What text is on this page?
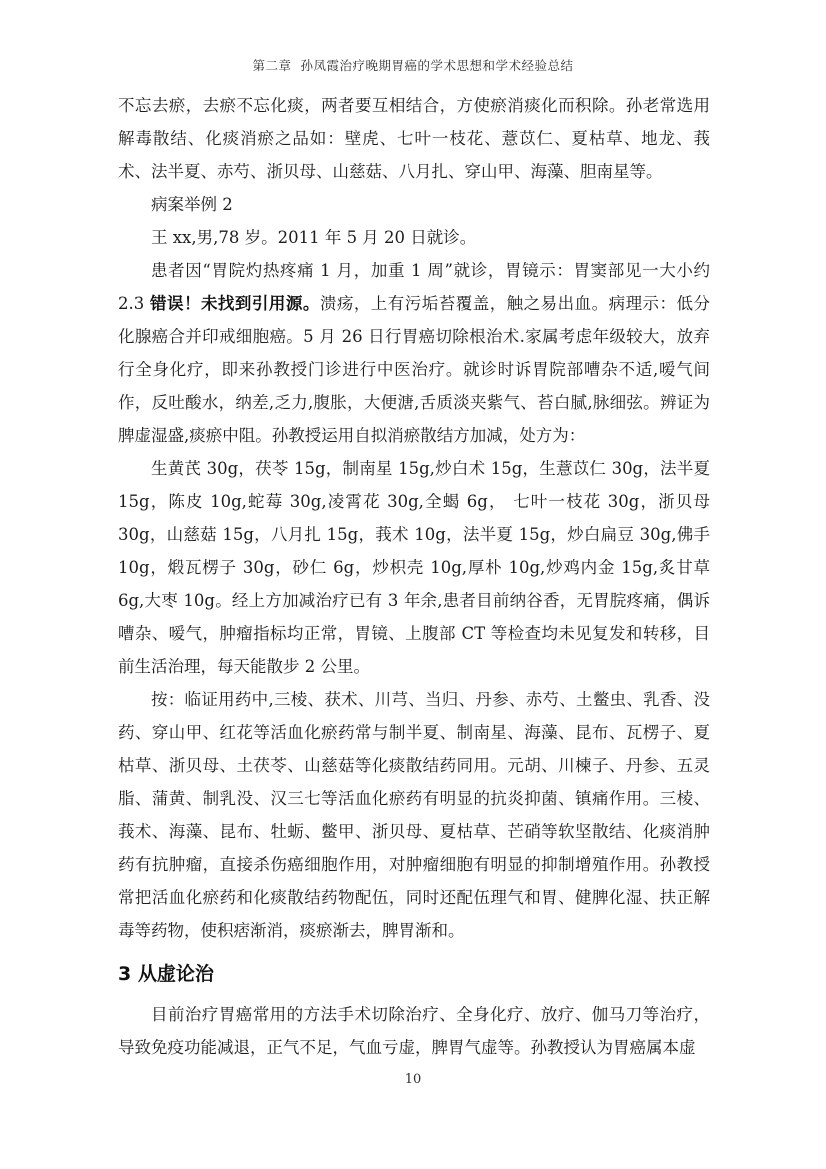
第二章  孙凤霞治疗晚期胃癌的学术思想和学术经验总结

不忘去瘀，去瘀不忘化痰，两者要互相结合，方使瘀消痰化而积除。孙老常选用解毒散结、化痰消瘀之品如：壁虎、七叶一枝花、薏苡仁、夏枯草、地龙、莪术、法半夏、赤芍、浙贝母、山慈菇、八月扎、穿山甲、海藻、胆南星等。

病案举例 2

王 xx,男,78 岁。2011 年 5 月 20 日就诊。

患者因“胃院灼热疼痛 1 月，加重 1 周”就诊，胃镜示：胃窦部见一大小约 2.3 错误！未找到引用源。溃疡，上有污垢苔覆盖，触之易出血。病理示：低分化腺癌合并印戒细胞癌。5 月 26 日行胃癌切除根治术.家属考虑年级较大，放弃行全身化疗，即来孙教授门诊进行中医治疗。就诊时诉胃院部嘈杂不适,嗳气间作，反吐酸水，纳差,乏力,腹胀，大便溏,舌质淡夹紫气、苔白腻,脉细弦。辨证为脾虚湿盛,痰瘀中阻。孙教授运用自拟消瘀散结方加减，处方为：

生黄芪 30g，茯苓 15g，制南星 15g,炒白术 15g，生薏苡仁 30g，法半夏 15g，陈皮 10g,蛇莓 30g,凌霄花 30g,全蝎 6g， 七叶一枝花 30g，浙贝母 30g，山慈菇 15g，八月扎 15g，莪术 10g，法半夏 15g，炒白扁豆 30g,佛手 10g，煅瓦楞子 30g，砂仁 6g，炒枳壳 10g,厚朴 10g,炒鸡内金 15g,炙甘草 6g,大枣 10g。经上方加减治疗已有 3 年余,患者目前纳谷香，无胃脘疼痛，偶诉嘈杂、嗳气，肿瘤指标均正常，胃镜、上腹部 CT 等检查均未见复发和转移，目前生活治理，每天能散步 2 公里。

按：临证用药中,三棱、获术、川芎、当归、丹参、赤芍、土鳖虫、乳香、没药、穿山甲、红花等活血化瘀药常与制半夏、制南星、海藻、昆布、瓦楞子、夏枯草、浙贝母、土茯苓、山慈菇等化痰散结药同用。元胡、川楝子、丹参、五灵脂、蒲黄、制乳没、汉三七等活血化瘀药有明显的抗炎抑菌、镇痛作用。三棱、莪术、海藻、昆布、牡蛎、鳖甲、浙贝母、夏枯草、芒硝等软坚散结、化痰消肿药有抗肿瘤，直接杀伤癌细胞作用，对肿瘤细胞有明显的抑制增殖作用。孙教授常把活血化瘀药和化痰散结药物配伍，同时还配伍理气和胃、健脾化湿、扶正解毒等药物，使积痞渐消，痰瘀渐去，脾胃渐和。

3 从虚论治

目前治疗胃癌常用的方法手术切除治疗、全身化疗、放疗、伽马刀等治疗，导致免疫功能减退，正气不足，气血亏虚，脾胃气虚等。孙教授认为胃癌属本虚

10
